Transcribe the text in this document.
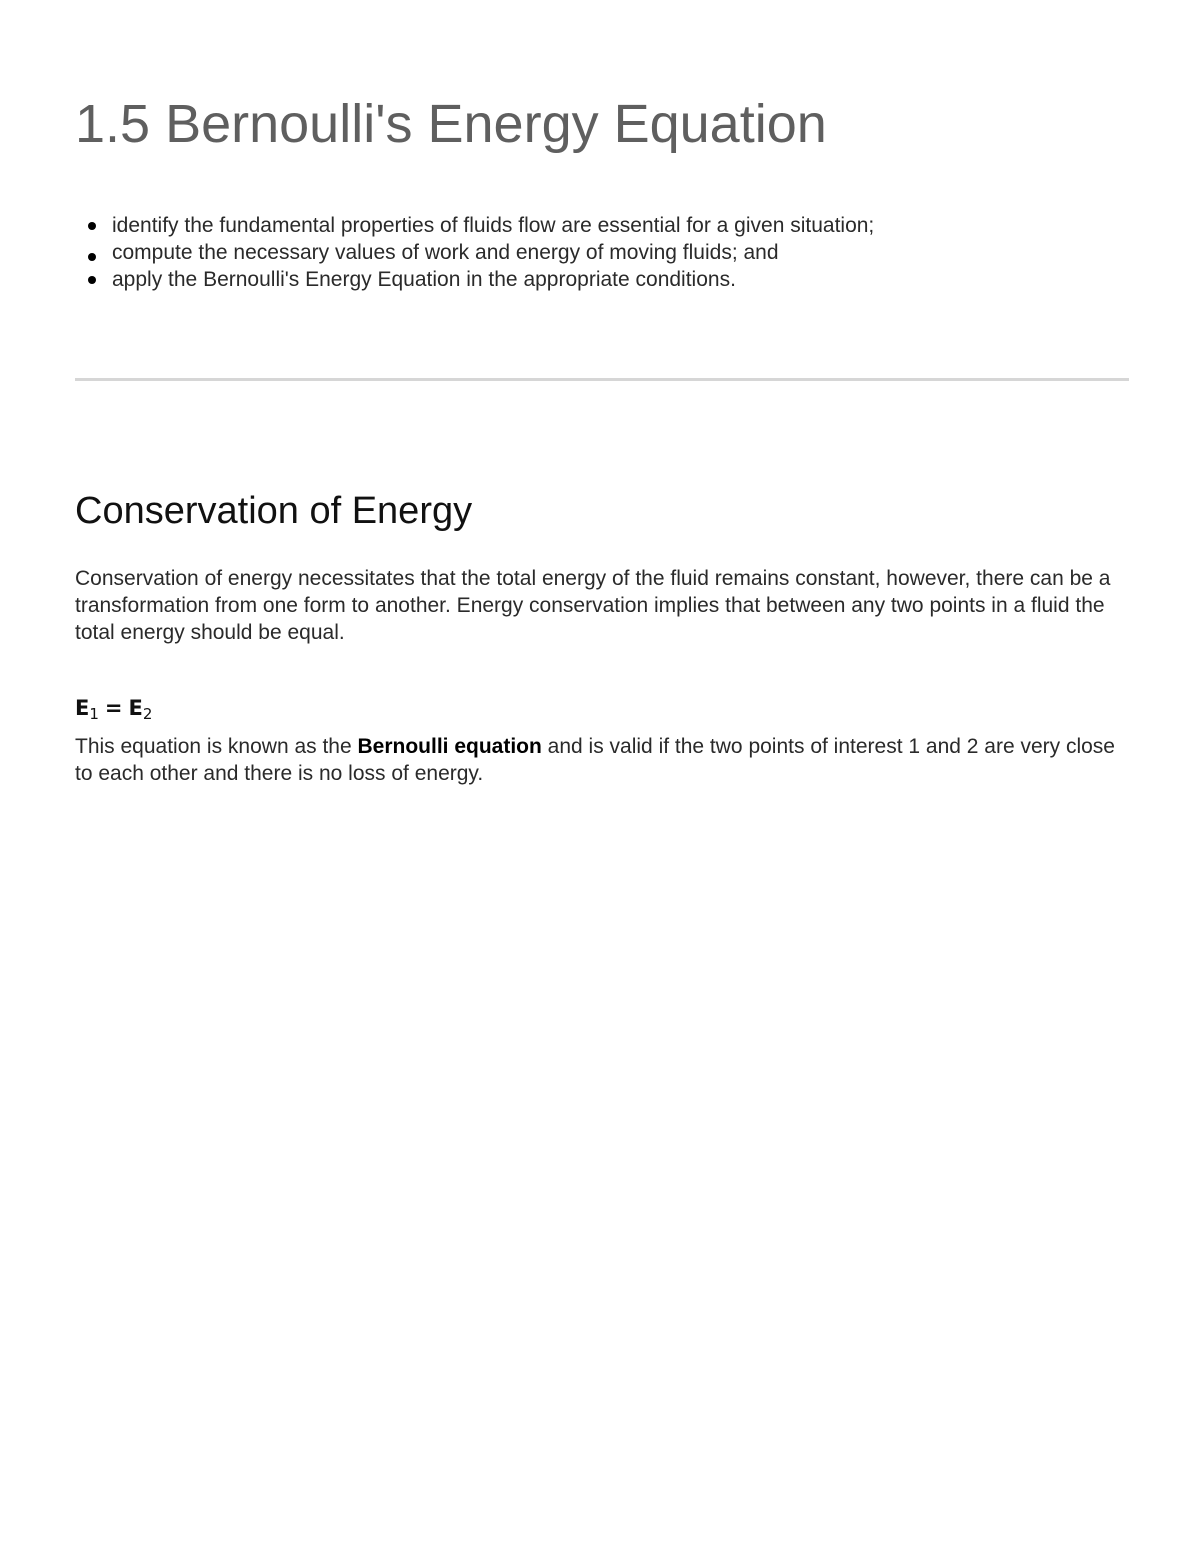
1.5 Bernoulli's Energy Equation
identify the fundamental properties of fluids flow are essential for a given situation;
compute the necessary values of work and energy of moving fluids; and
apply the Bernoulli's Energy Equation in the appropriate conditions.
Conservation of Energy

Conservation of energy necessitates that the total energy of the fluid remains constant, however, there can be a transformation from one form to another. Energy conservation implies that between any two points in a fluid the total energy should be equal.

$E_1 = E_2$

This equation is known as the Bernoulli equation and is valid if the two points of interest 1 and 2 are very close to each other and there is no loss of energy.
